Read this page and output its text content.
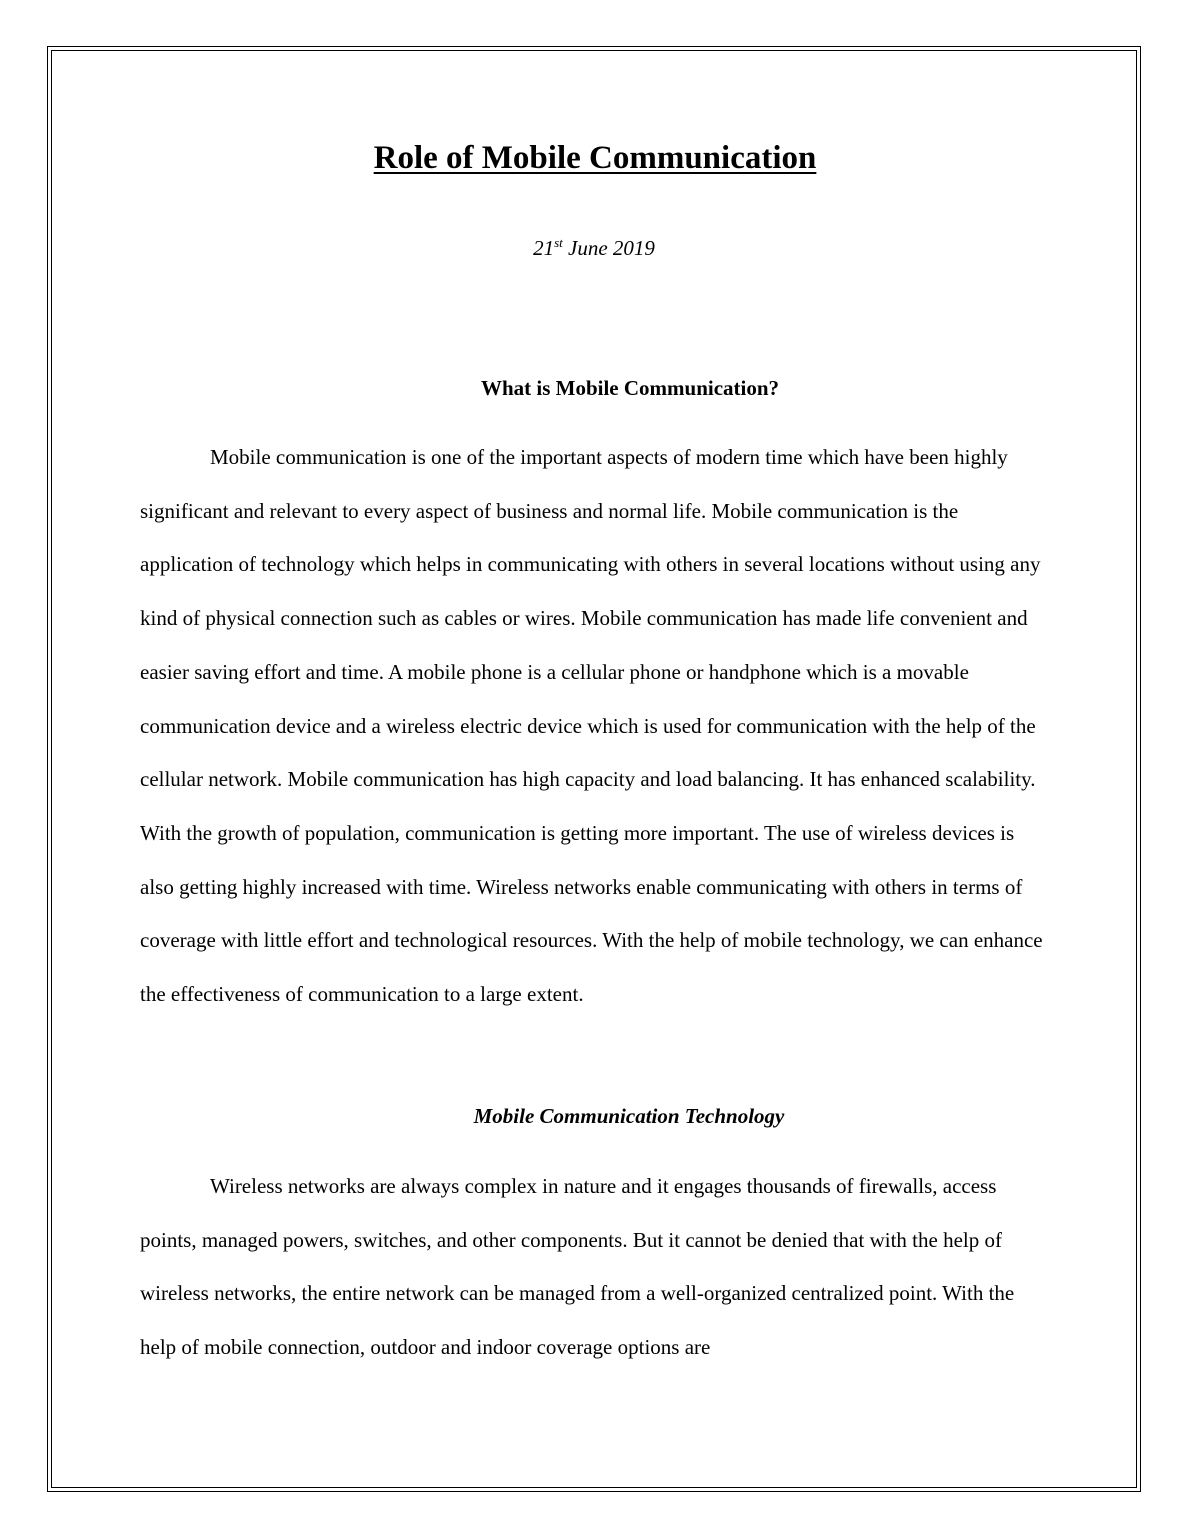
Role of Mobile Communication
21st June 2019
What is Mobile Communication?

Mobile communication is one of the important aspects of modern time which have been highly significant and relevant to every aspect of business and normal life. Mobile communication is the application of technology which helps in communicating with others in several locations without using any kind of physical connection such as cables or wires. Mobile communication has made life convenient and easier saving effort and time. A mobile phone is a cellular phone or handphone which is a movable communication device and a wireless electric device which is used for communication with the help of the cellular network. Mobile communication has high capacity and load balancing. It has enhanced scalability. With the growth of population, communication is getting more important. The use of wireless devices is also getting highly increased with time. Wireless networks enable communicating with others in terms of coverage with little effort and technological resources. With the help of mobile technology, we can enhance the effectiveness of communication to a large extent.

Mobile Communication Technology

Wireless networks are always complex in nature and it engages thousands of firewalls, access points, managed powers, switches, and other components. But it cannot be denied that with the help of wireless networks, the entire network can be managed from a well-organized centralized point. With the help of mobile connection, outdoor and indoor coverage options are
